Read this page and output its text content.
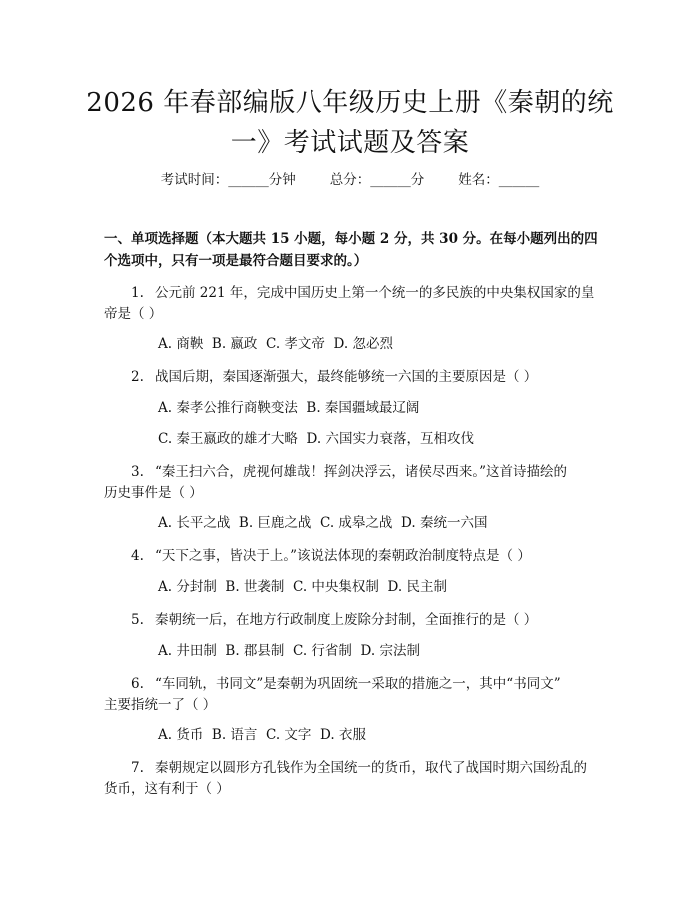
2026 年春部编版八年级历史上册《秦朝的统
一》考试试题及答案
考试时间：______分钟	总分：______分	姓名：______

一、单项选择题（本大题共 15 小题，每小题 2 分，共 30 分。在每小题列出的四

个选项中，只有一项是最符合题目要求的。）

1. 公元前 221 年，完成中国历史上第一个统一的多民族的中央集权国家的皇

帝是（ ）

A. 商鞅  B. 嬴政  C. 孝文帝  D. 忽必烈

2. 战国后期，秦国逐渐强大，最终能够统一六国的主要原因是（ ）

A. 秦孝公推行商鞅变法  B. 秦国疆域最辽阔

C. 秦王嬴政的雄才大略  D. 六国实力衰落，互相攻伐

3. “秦王扫六合，虎视何雄哉！挥剑决浮云，诸侯尽西来。”这首诗描绘的

历史事件是（ ）

A. 长平之战  B. 巨鹿之战  C. 成皋之战  D. 秦统一六国

4. “天下之事，皆决于上。”该说法体现的秦朝政治制度特点是（ ）

A. 分封制  B. 世袭制  C. 中央集权制  D. 民主制

5. 秦朝统一后，在地方行政制度上废除分封制，全面推行的是（ ）

A. 井田制  B. 郡县制  C. 行省制  D. 宗法制

6. “车同轨，书同文”是秦朝为巩固统一采取的措施之一，其中“书同文”

主要指统一了（ ）

A. 货币  B. 语言  C. 文字  D. 衣服

7. 秦朝规定以圆形方孔钱作为全国统一的货币，取代了战国时期六国纷乱的

货币，这有利于（ ）
